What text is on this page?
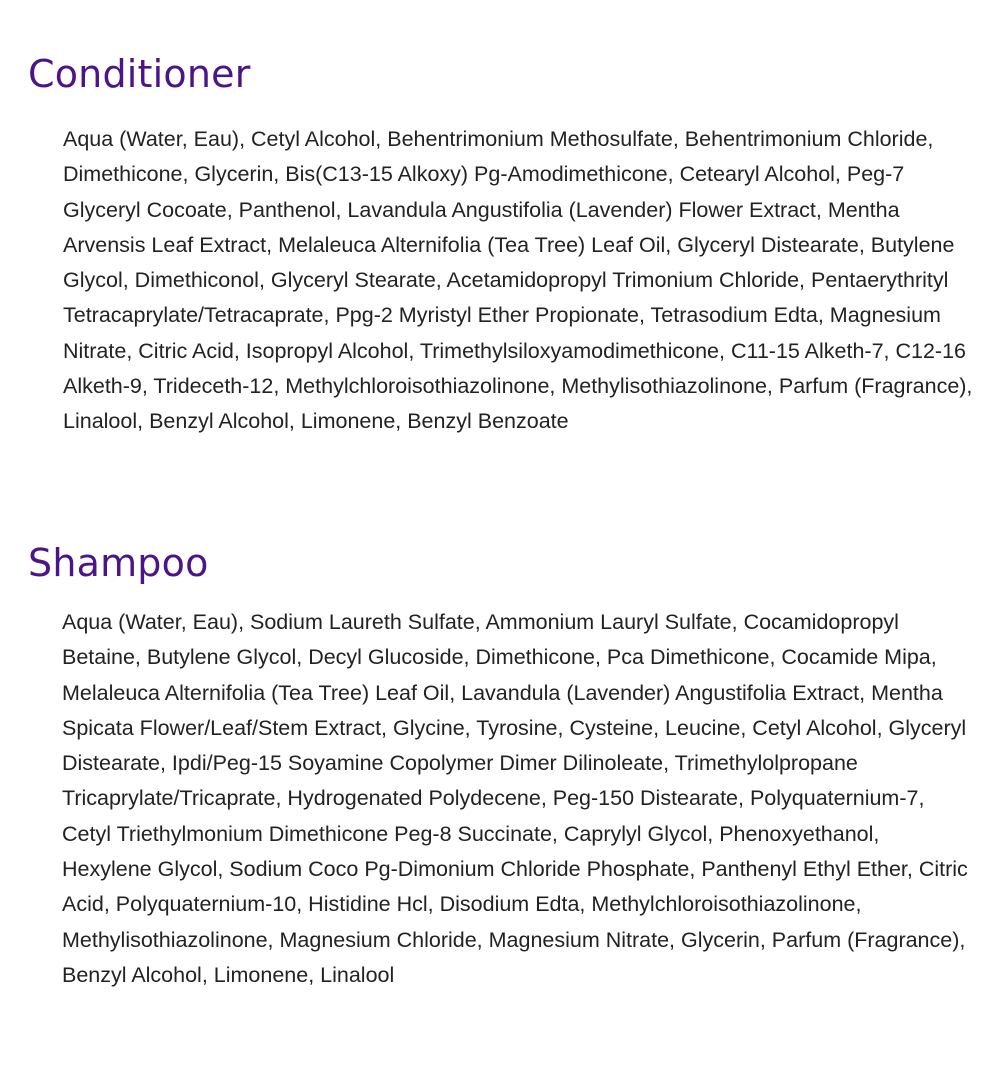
Conditioner

Aqua (Water, Eau), Cetyl Alcohol, Behentrimonium Methosulfate, Behentrimonium Chloride, Dimethicone, Glycerin, Bis(C13-15 Alkoxy) Pg-Amodimethicone, Cetearyl Alcohol, Peg-7 Glyceryl Cocoate, Panthenol, Lavandula Angustifolia (Lavender) Flower Extract, Mentha Arvensis Leaf Extract, Melaleuca Alternifolia (Tea Tree) Leaf Oil, Glyceryl Distearate, Butylene Glycol, Dimethiconol, Glyceryl Stearate, Acetamidopropyl Trimonium Chloride, Pentaerythrityl Tetracaprylate/Tetracaprate, Ppg-2 Myristyl Ether Propionate, Tetrasodium Edta, Magnesium Nitrate, Citric Acid, Isopropyl Alcohol, Trimethylsiloxyamodimethicone, C11-15 Alketh-7, C12-16 Alketh-9, Trideceth-12, Methylchloroisothiazolinone, Methylisothiazolinone, Parfum (Fragrance), Linalool, Benzyl Alcohol, Limonene, Benzyl Benzoate

Shampoo

Aqua (Water, Eau), Sodium Laureth Sulfate, Ammonium Lauryl Sulfate, Cocamidopropyl Betaine, Butylene Glycol, Decyl Glucoside, Dimethicone, Pca Dimethicone, Cocamide Mipa, Melaleuca Alternifolia (Tea Tree) Leaf Oil, Lavandula (Lavender) Angustifolia Extract, Mentha Spicata Flower/Leaf/Stem Extract, Glycine, Tyrosine, Cysteine, Leucine, Cetyl Alcohol, Glyceryl Distearate, Ipdi/Peg-15 Soyamine Copolymer Dimer Dilinoleate, Trimethylolpropane Tricaprylate/Tricaprate, Hydrogenated Polydecene, Peg-150 Distearate, Polyquaternium-7, Cetyl Triethylmonium Dimethicone Peg-8 Succinate, Caprylyl Glycol, Phenoxyethanol, Hexylene Glycol, Sodium Coco Pg-Dimonium Chloride Phosphate, Panthenyl Ethyl Ether, Citric Acid, Polyquaternium-10, Histidine Hcl, Disodium Edta, Methylchloroisothiazolinone, Methylisothiazolinone, Magnesium Chloride, Magnesium Nitrate, Glycerin, Parfum (Fragrance), Benzyl Alcohol, Limonene, Linalool
